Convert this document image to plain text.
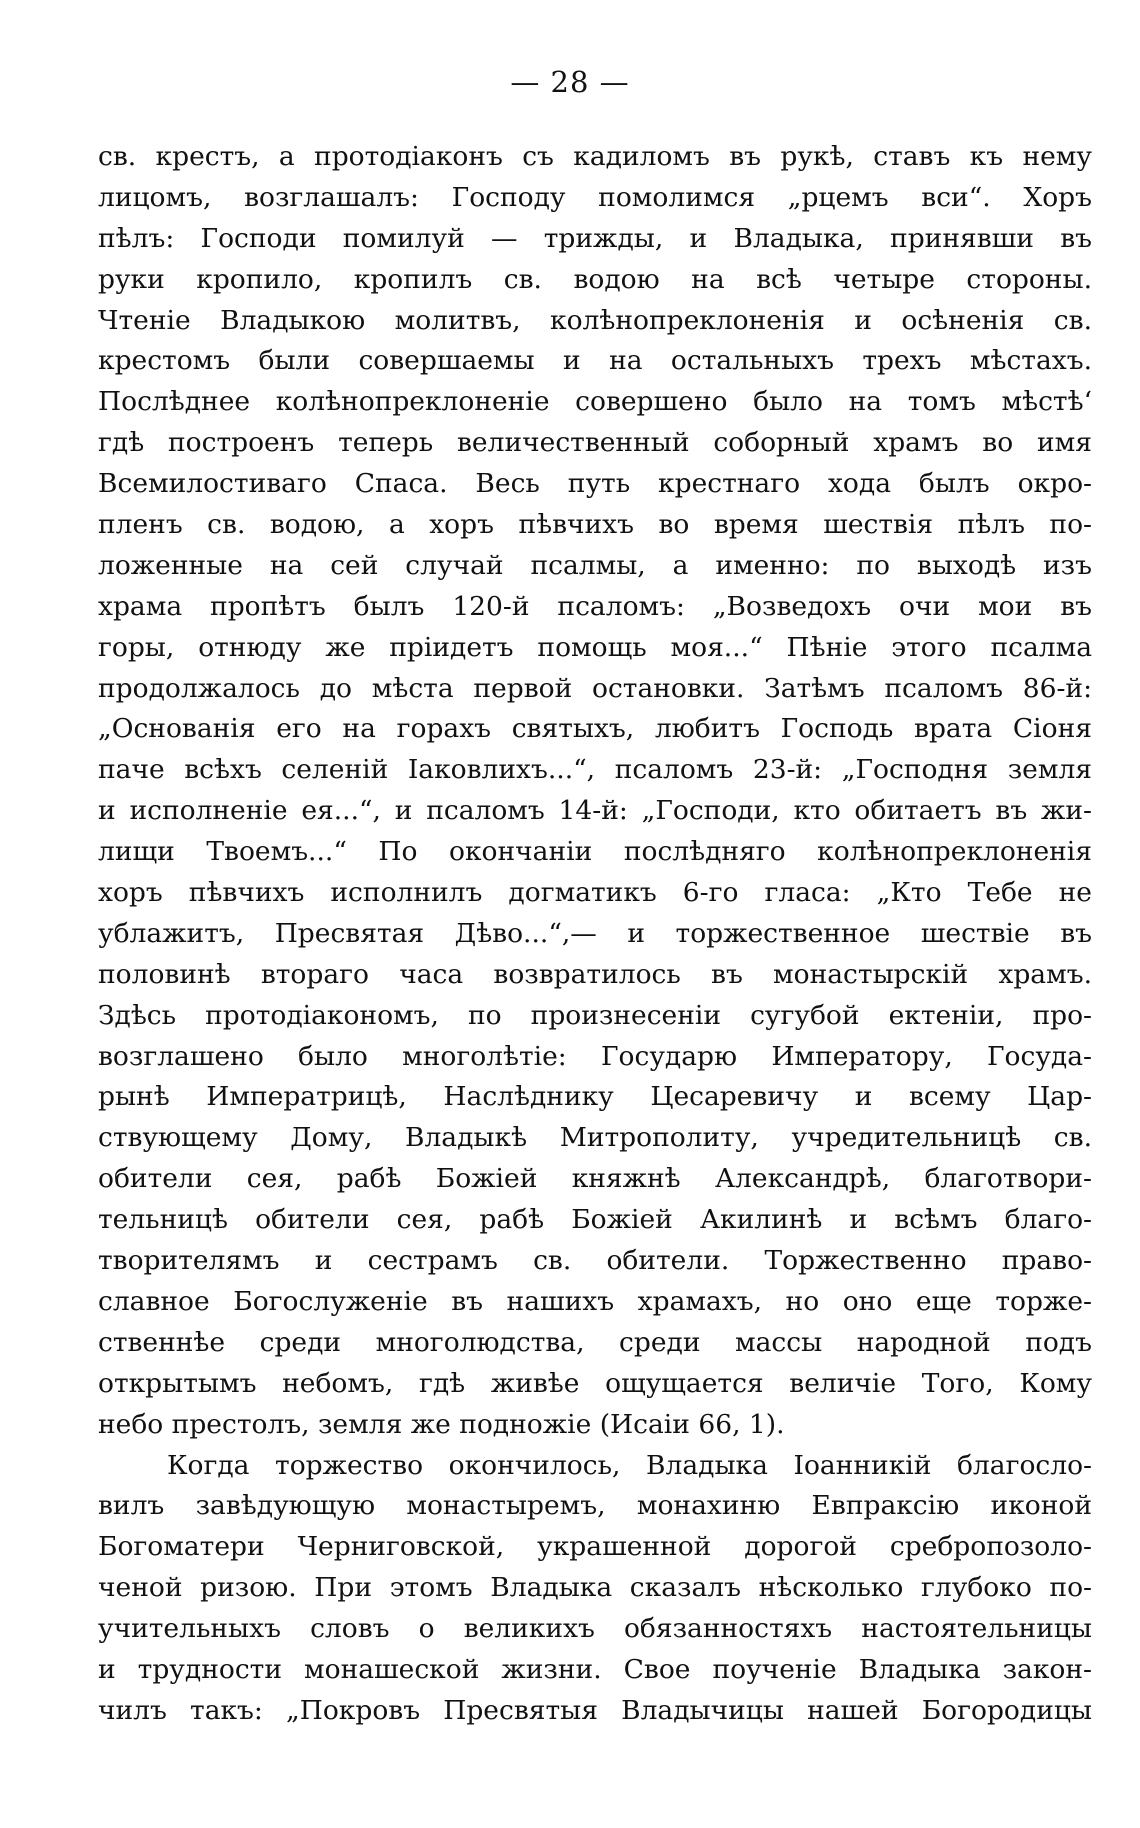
— 28 —
св. крестъ, а протодіаконъ съ кадиломъ въ рукѣ, ставъ къ нему
лицомъ, возглашалъ: Господу помолимся „рцемъ вси“. Хоръ
пѣлъ: Господи помилуй — трижды, и Владыка, принявши въ
руки кропило, кропилъ св. водою на всѣ четыре стороны.
Чтеніе Владыкою молитвъ, колѣнопреклоненія и осѣненія св.
крестомъ были совершаемы и на остальныхъ трехъ мѣстахъ.
Послѣднее колѣнопреклоненіе совершено было на томъ мѣстѣ‘
гдѣ построенъ теперь величественный соборный храмъ во имя
Всемилостиваго Спаса. Весь путь крестнаго хода былъ окро-
пленъ св. водою, а хоръ пѣвчихъ во время шествія пѣлъ по-
ложенные на сей случай псалмы, а именно: по выходѣ изъ
храма пропѣтъ былъ 120-й псаломъ: „Возведохъ очи мои въ
горы, отнюду же пріидетъ помощь моя...“ Пѣніе этого псалма
продолжалось до мѣста первой остановки. Затѣмъ псаломъ 86-й:
„Основанія его на горахъ святыхъ, любитъ Господь врата Сіоня
паче всѣхъ селеній Іаковлихъ...“, псаломъ 23-й: „Господня земля
и исполненіе ея...“, и псаломъ 14-й: „Господи, кто обитаетъ въ жи-
лищи Твоемъ...“ По окончаніи послѣдняго колѣнопреклоненія
хоръ пѣвчихъ исполнилъ догматикъ 6-го гласа: „Кто Тебе не
ублажитъ, Пресвятая Дѣво...“,— и торжественное шествіе въ
половинѣ втораго часа возвратилось въ монастырскій храмъ.
Здѣсь протодіакономъ, по произнесеніи сугубой ектеніи, про-
возглашено было многолѣтіе: Государю Императору, Госуда-
рынѣ Императрицѣ, Наслѣднику Цесаревичу и всему Цар-
ствующему Дому, Владыкѣ Митрополиту, учредительницѣ св.
обители сея, рабѣ Божіей княжнѣ Александрѣ, благотвори-
тельницѣ обители сея, рабѣ Божіей Акилинѣ и всѣмъ благо-
творителямъ и сестрамъ св. обители. Торжественно право-
славное Богослуженіе въ нашихъ храмахъ, но оно еще торже-
ственнѣе среди многолюдства, среди массы народной подъ
открытымъ небомъ, гдѣ живѣе ощущается величіе Того, Кому
небо престолъ, земля же подножіе (Исаіи 66, 1).
Когда торжество окончилось, Владыка Іоанникій благосло-
вилъ завѣдующую монастыремъ, монахиню Евпраксію иконой
Богоматери Черниговской, украшенной дорогой сребропозоло-
ченой ризою. При этомъ Владыка сказалъ нѣсколько глубоко по-
учительныхъ словъ о великихъ обязанностяхъ настоятельницы
и трудности монашеской жизни. Свое поученіе Владыка закон-
чилъ такъ: „Покровъ Пресвятыя Владычицы нашей Богородицы
